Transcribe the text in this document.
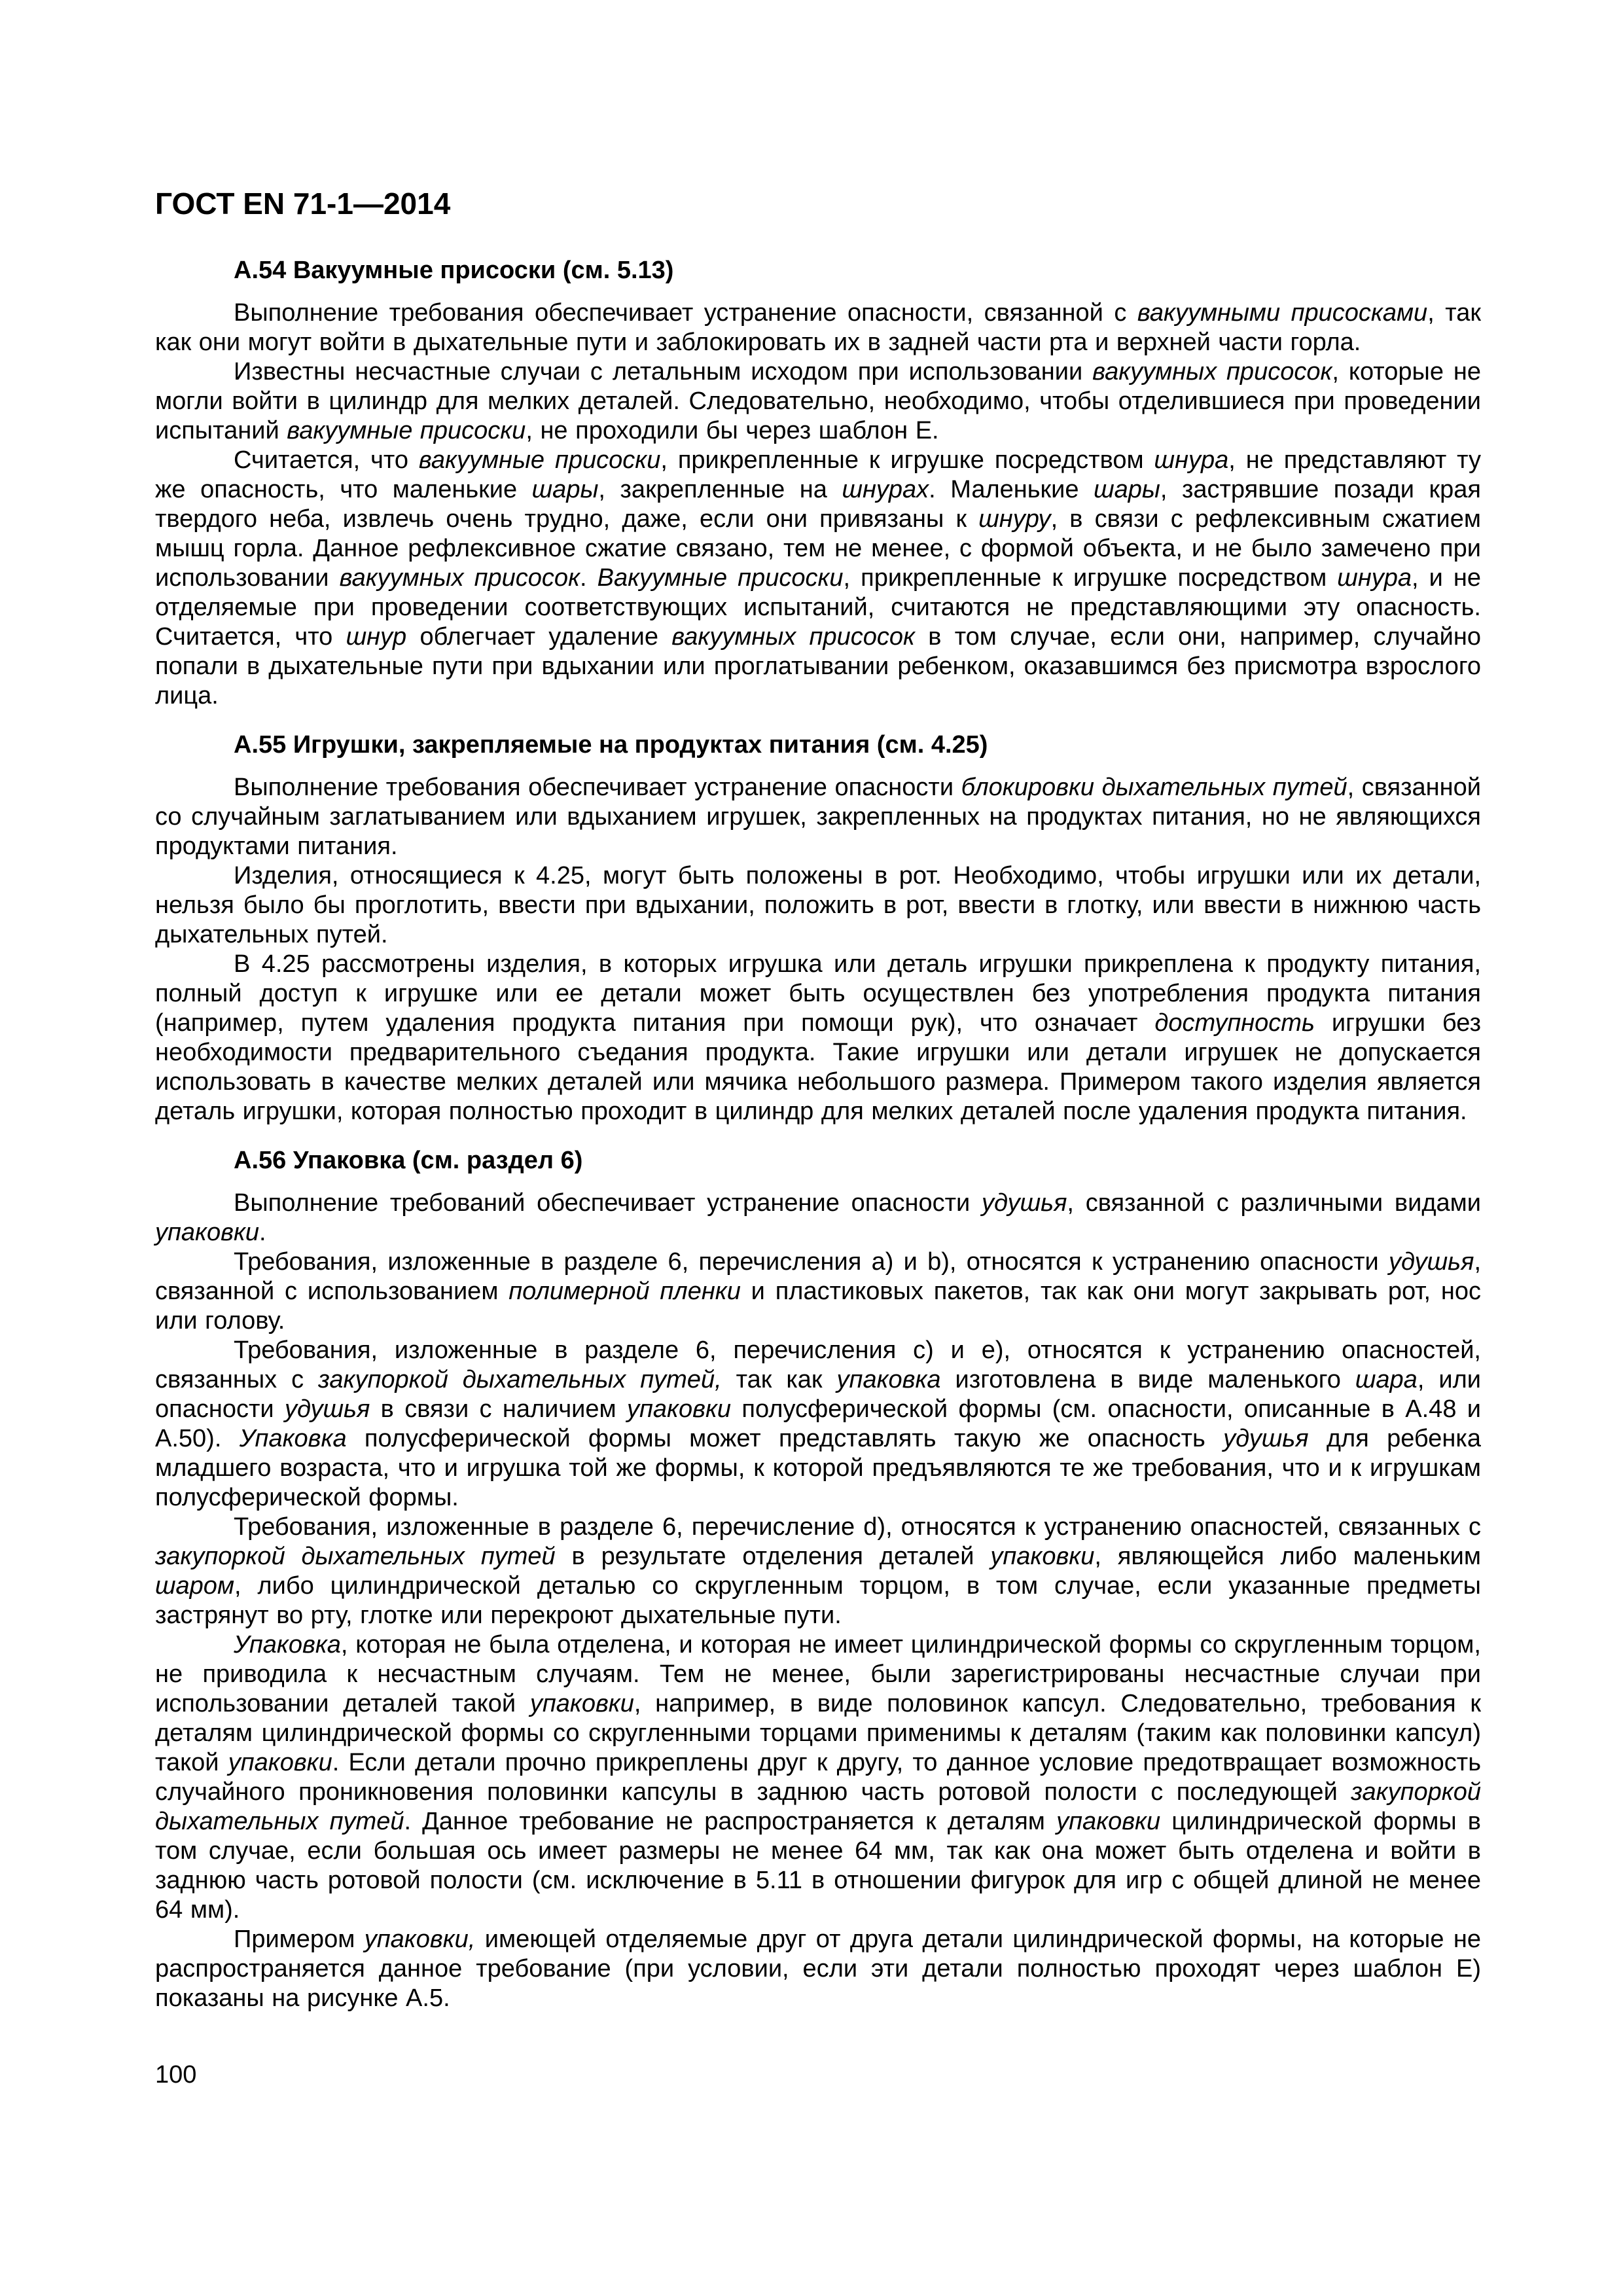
ГОСТ EN 71-1—2014
А.54 Вакуумные присоски (см. 5.13)

Выполнение требования обеспечивает устранение опасности, связанной с вакуумными присосками, так как они могут войти в дыхательные пути и заблокировать их в задней части рта и верхней части горла.

Известны несчастные случаи с летальным исходом при использовании вакуумных присосок, которые не могли войти в цилиндр для мелких деталей. Следовательно, необходимо, чтобы отделившиеся при проведении испытаний вакуумные присоски, не проходили бы через шаблон Е.

Считается, что вакуумные присоски, прикрепленные к игрушке посредством шнура, не представляют ту же опасность, что маленькие шары, закрепленные на шнурах. Маленькие шары, застрявшие позади края твердого неба, извлечь очень трудно, даже, если они привязаны к шнуру, в связи с рефлексивным сжатием мышц горла. Данное рефлексивное сжатие связано, тем не менее, с формой объекта, и не было замечено при использовании вакуумных присосок. Вакуумные присоски, прикрепленные к игрушке посредством шнура, и не отделяемые при проведении соответствующих испытаний, считаются не представляющими эту опасность. Считается, что шнур облегчает удаление вакуумных присосок в том случае, если они, например, случайно попали в дыхательные пути при вдыхании или проглатывании ребенком, оказавшимся без присмотра взрослого лица.

А.55 Игрушки, закрепляемые на продуктах питания (см. 4.25)

Выполнение требования обеспечивает устранение опасности блокировки дыхательных путей, связанной со случайным заглатыванием или вдыханием игрушек, закрепленных на продуктах питания, но не являющихся продуктами питания.

Изделия, относящиеся к 4.25, могут быть положены в рот. Необходимо, чтобы игрушки или их детали, нельзя было бы проглотить, ввести при вдыхании, положить в рот, ввести в глотку, или ввести в нижнюю часть дыхательных путей.

В 4.25 рассмотрены изделия, в которых игрушка или деталь игрушки прикреплена к продукту питания, полный доступ к игрушке или ее детали может быть осуществлен без употребления продукта питания (например, путем удаления продукта питания при помощи рук), что означает доступность игрушки без необходимости предварительного съедания продукта. Такие игрушки или детали игрушек не допускается использовать в качестве мелких деталей или мячика небольшого размера. Примером такого изделия является деталь игрушки, которая полностью проходит в цилиндр для мелких деталей после удаления продукта питания.

А.56 Упаковка (см. раздел 6)

Выполнение требований обеспечивает устранение опасности удушья, связанной с различными видами упаковки.

Требования, изложенные в разделе 6, перечисления a) и b), относятся к устранению опасности удушья, связанной с использованием полимерной пленки и пластиковых пакетов, так как они могут закрывать рот, нос или голову.

Требования, изложенные в разделе 6, перечисления c) и e), относятся к устранению опасностей, связанных с закупоркой дыхательных путей, так как упаковка изготовлена в виде маленького шара, или опасности удушья в связи с наличием упаковки полусферической формы (см. опасности, описанные в А.48 и А.50). Упаковка полусферической формы может представлять такую же опасность удушья для ребенка младшего возраста, что и игрушка той же формы, к которой предъявляются те же требования, что и к игрушкам полусферической формы.

Требования, изложенные в разделе 6, перечисление d), относятся к устранению опасностей, связанных с закупоркой дыхательных путей в результате отделения деталей упаковки, являющейся либо маленьким шаром, либо цилиндрической деталью со скругленным торцом, в том случае, если указанные предметы застрянут во рту, глотке или перекроют дыхательные пути.

Упаковка, которая не была отделена, и которая не имеет цилиндрической формы со скругленным торцом, не приводила к несчастным случаям. Тем не менее, были зарегистрированы несчастные случаи при использовании деталей такой упаковки, например, в виде половинок капсул. Следовательно, требования к деталям цилиндрической формы со скругленными торцами применимы к деталям (таким как половинки капсул) такой упаковки. Если детали прочно прикреплены друг к другу, то данное условие предотвращает возможность случайного проникновения половинки капсулы в заднюю часть ротовой полости с последующей закупоркой дыхательных путей. Данное требование не распространяется к деталям упаковки цилиндрической формы в том случае, если большая ось имеет размеры не менее 64 мм, так как она может быть отделена и войти в заднюю часть ротовой полости (см. исключение в 5.11 в отношении фигурок для игр с общей длиной не менее 64 мм).

Примером упаковки, имеющей отделяемые друг от друга детали цилиндрической формы, на которые не распространяется данное требование (при условии, если эти детали полностью проходят через шаблон Е) показаны на рисунке А.5.

100
